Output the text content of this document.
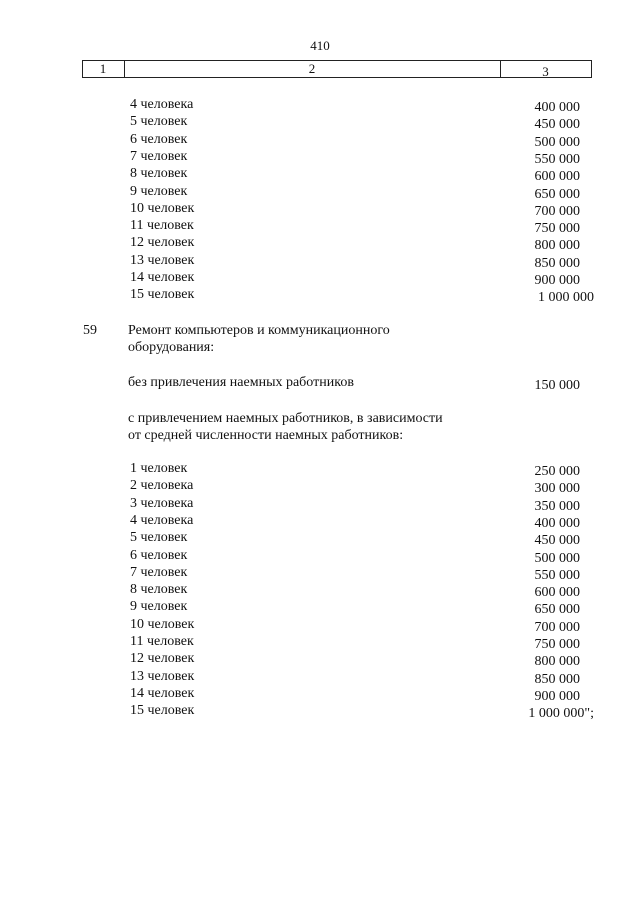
410
1	2	3
4 человека	400 000
5 человек	450 000
6 человек	500 000
7 человек	550 000
8 человек	600 000
9 человек	650 000
10 человек	700 000
11 человек	750 000
12 человек	800 000
13 человек	850 000
14 человек	900 000
15 человек	1 000 000
59 Ремонт компьютеров и коммуникационного
оборудования:
без привлечения наемных работников	150 000
с привлечением наемных работников, в зависимости
от средней численности наемных работников:
1 человек	250 000
2 человека	300 000
3 человека	350 000
4 человека	400 000
5 человек	450 000
6 человек	500 000
7 человек	550 000
8 человек	600 000
9 человек	650 000
10 человек	700 000
11 человек	750 000
12 человек	800 000
13 человек	850 000
14 человек	900 000
15 человек	1 000 000";
